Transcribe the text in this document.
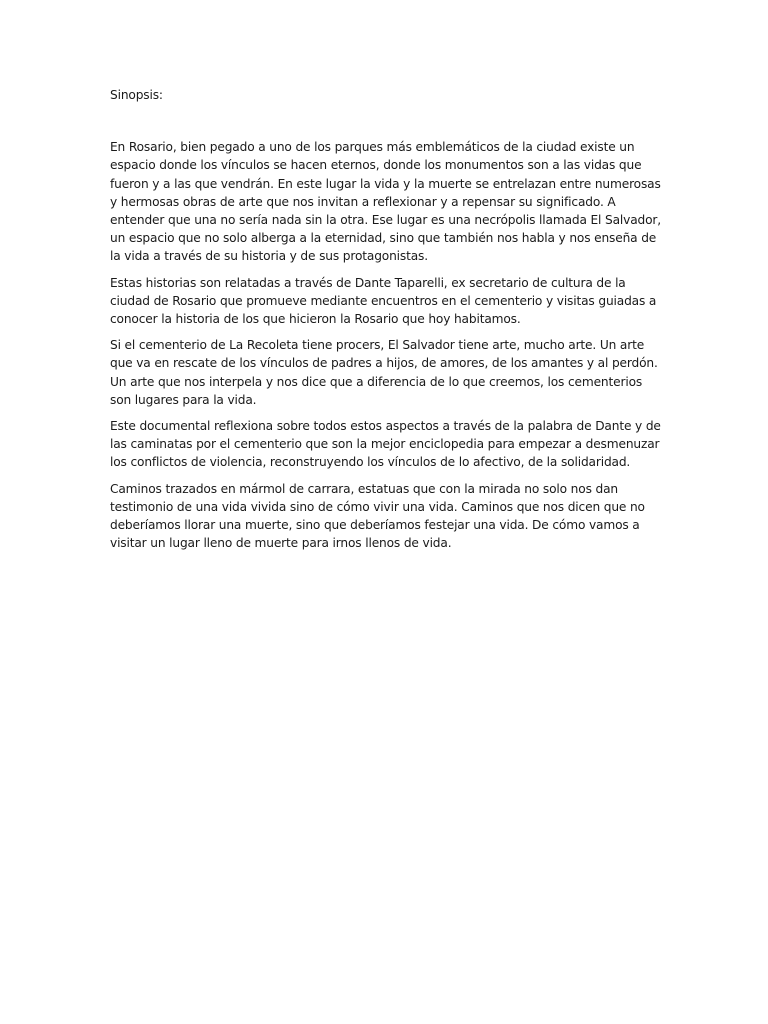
Sinopsis:

En Rosario, bien pegado a uno de los parques más emblemáticos de la ciudad existe un espacio donde los vínculos se hacen eternos, donde los monumentos son a las vidas que fueron y a las que vendrán. En este lugar la vida y la muerte se entrelazan entre numerosas y hermosas obras de arte que nos invitan a reflexionar y a repensar su significado. A entender que una no sería nada sin la otra. Ese lugar es una necrópolis llamada El Salvador, un espacio que no solo alberga a la eternidad, sino que también nos habla y nos enseña de la vida a través de su historia y de sus protagonistas.

Estas historias son relatadas a través de Dante Taparelli, ex secretario de cultura de la ciudad de Rosario que promueve mediante encuentros en el cementerio y visitas guiadas a conocer la historia de los que hicieron la Rosario que hoy habitamos.

Si el cementerio de La Recoleta tiene procers, El Salvador tiene arte, mucho arte. Un arte que va en rescate de los vínculos de padres a hijos, de amores, de los amantes y al perdón. Un arte que nos interpela y nos dice que a diferencia de lo que creemos, los cementerios son lugares para la vida.

Este documental reflexiona sobre todos estos aspectos a través de la palabra de Dante y de las caminatas por el cementerio que son la mejor enciclopedia para empezar a desmenuzar los conflictos de violencia, reconstruyendo los vínculos de lo afectivo, de la solidaridad.

Caminos trazados en mármol de carrara, estatuas que con la mirada no solo nos dan testimonio de una vida vivida sino de cómo vivir una vida. Caminos que nos dicen que no deberíamos llorar una muerte, sino que deberíamos festejar una vida. De cómo vamos a visitar un lugar lleno de muerte para irnos llenos de vida.
